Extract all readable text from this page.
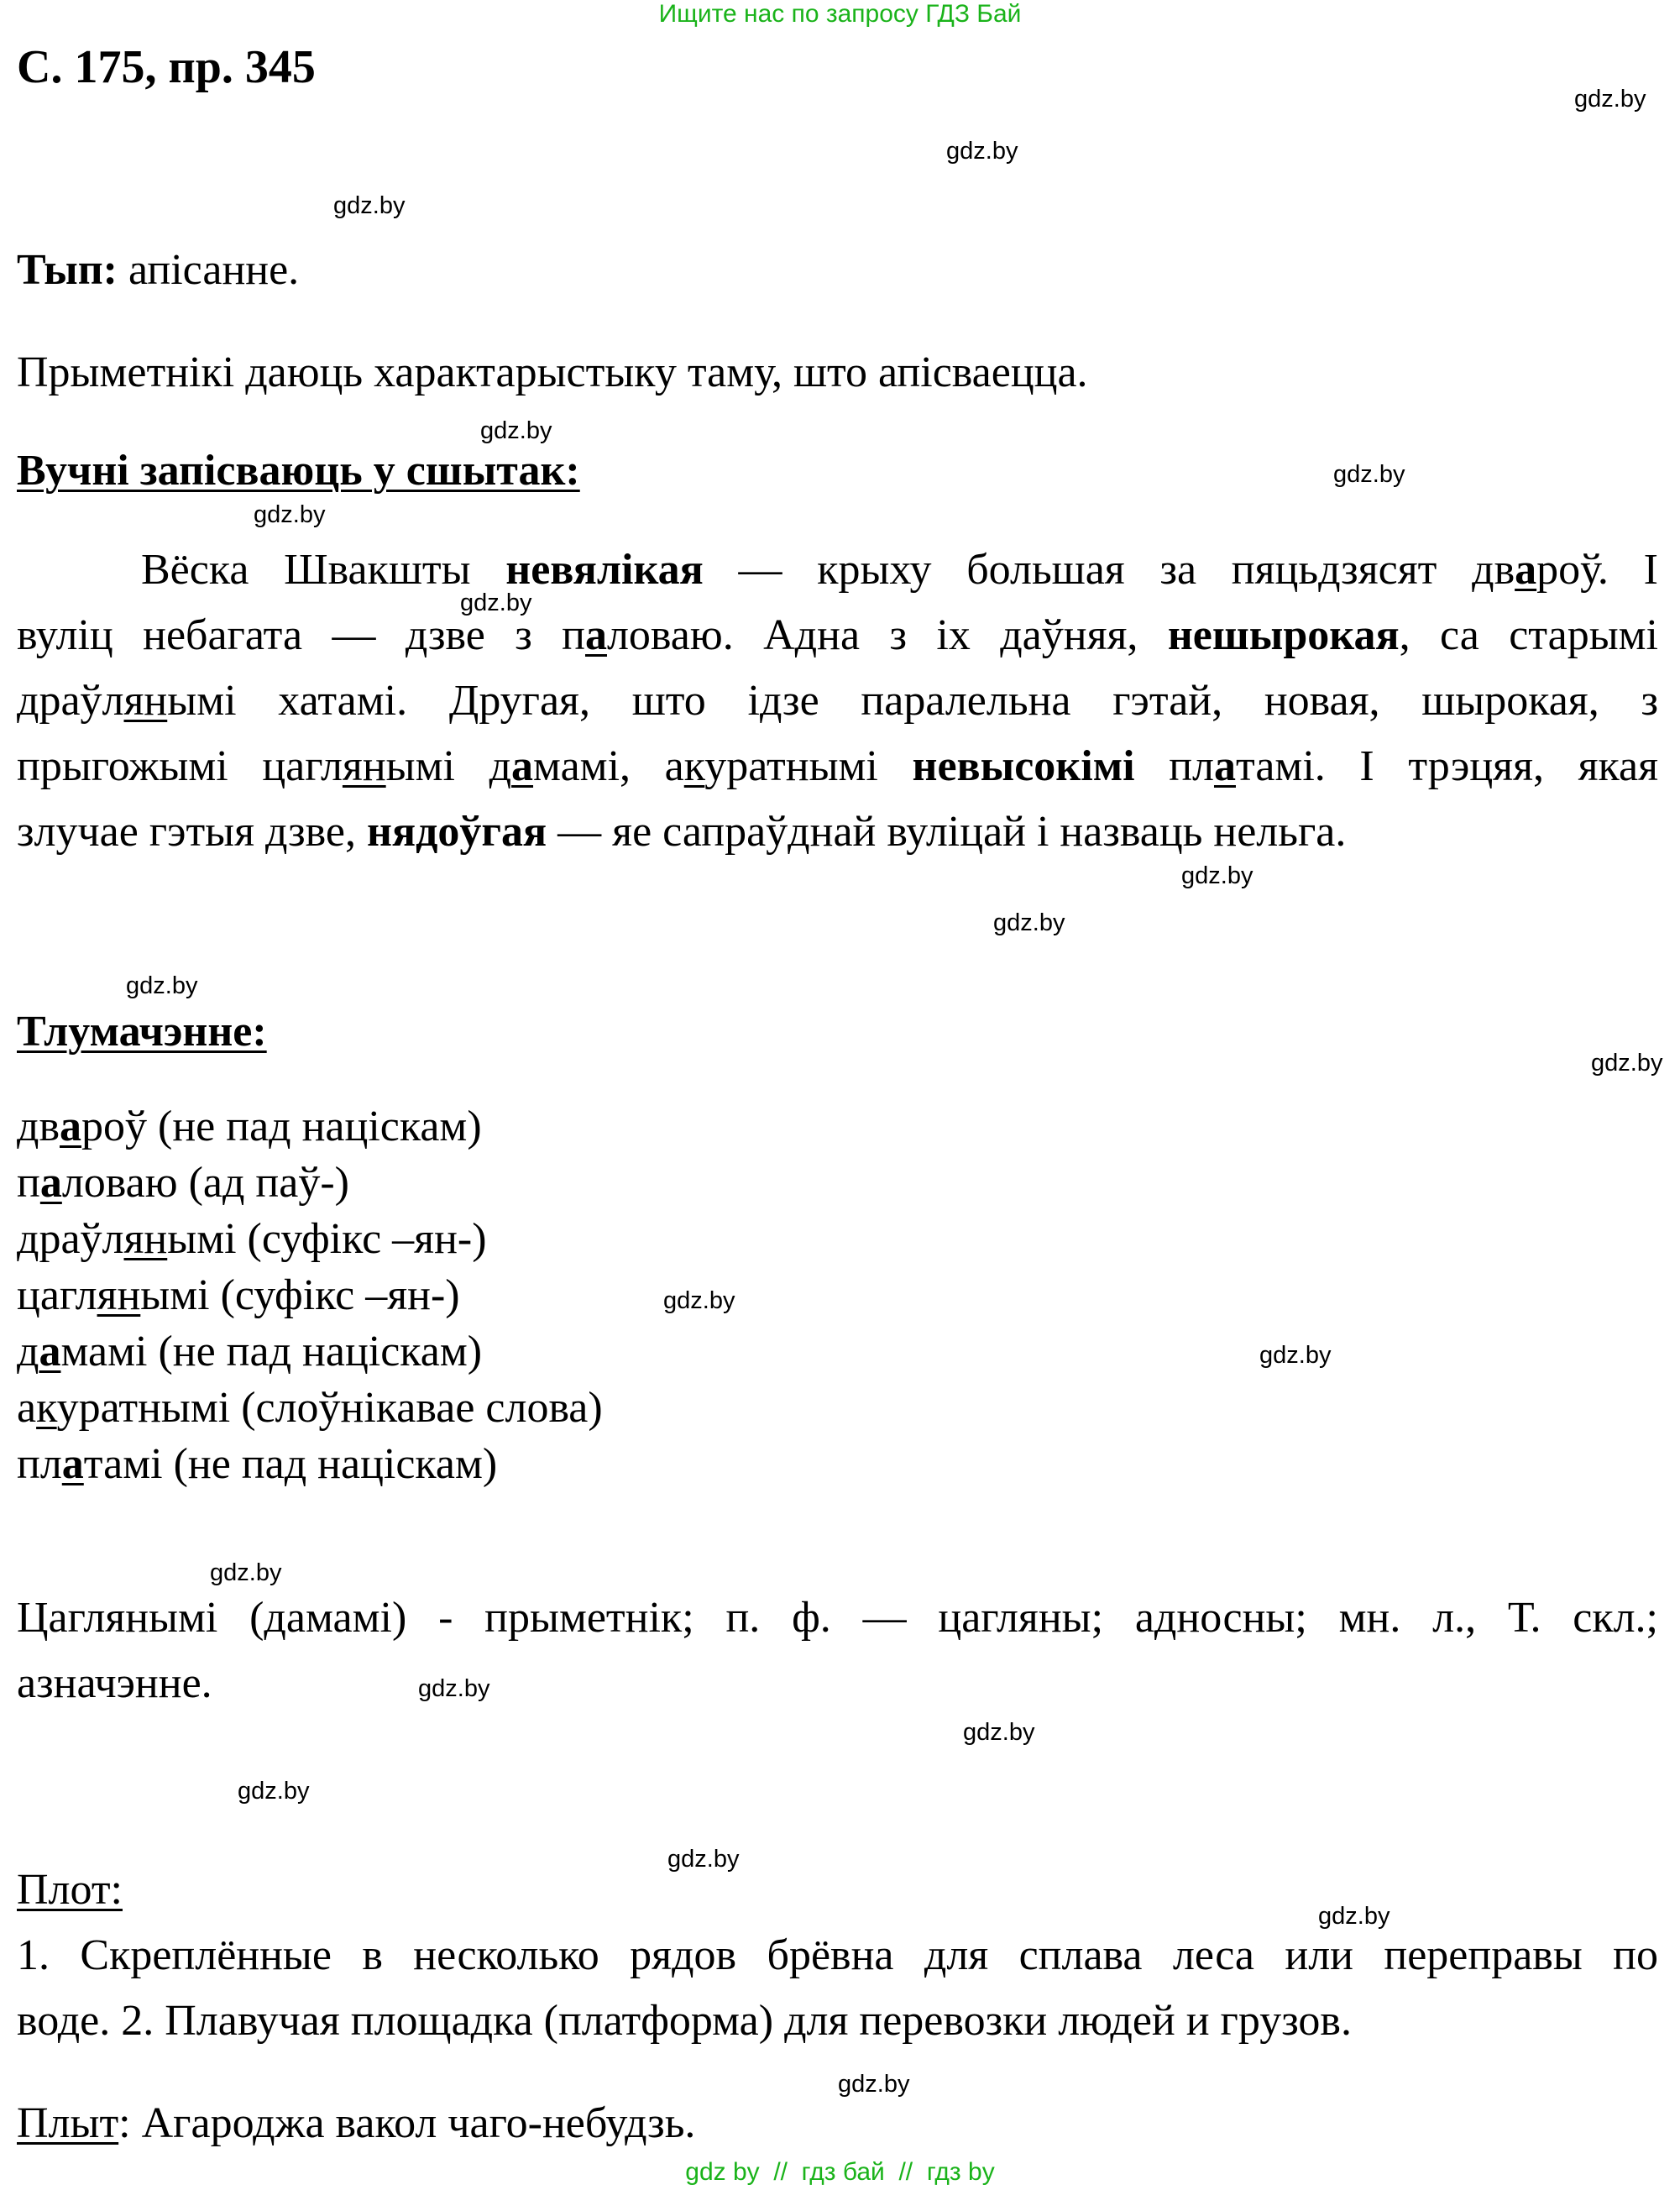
Ищите нас по запросу ГДЗ Бай
С. 175, пр. 345
gdz.by
gdz.by
gdz.by
gdz.by
gdz.by
gdz.by
gdz.by
gdz.by
gdz.by
gdz.by
gdz.by
gdz.by
gdz.by
gdz.by
gdz.by
gdz.by
gdz.by
gdz.by
gdz.by
gdz.by
Тып: апісанне.
Прыметнікі даюць характарыстыку таму, што апісваецца.
Вучні запісваюць у сшытак:
Вёска Швакшты невялікая — крыху большая за пяцьдзясят двароў. І
вуліц небагата — дзве з паловаю. Адна з іх даўняя, нешырокая, са старымі
драўлянымі хатамі. Другая, што ідзе паралельна гэтай, новая, шырокая, з
прыгожымі цаглянымі дамамі, акуратнымі невысокімі платамі. І трэцяя, якая
злучае гэтыя дзве, нядоўгая — яе сапраўднай вуліцай і назваць нельга.
Тлумачэнне:
двароў (не пад націскам)
паловаю (ад паў-)
драўлянымі (суфікс –ян-)
цаглянымі (суфікс –ян-)
дамамі (не пад націскам)
акуратнымі (слоўнікавае слова)
платамі (не пад націскам)
Цаглянымі (дамамі) - прыметнік; п. ф. — цагляны; адносны; мн. л., Т. скл.;
азначэнне.
Плот:
1. Скреплённые в несколько рядов брёвна для сплава леса или переправы по
воде. 2. Плавучая площадка (платформа) для перевозки людей и грузов.
Плыт: Агароджа вакол чаго-небудзь.
gdz by  //  гдз бай  //  гдз by
